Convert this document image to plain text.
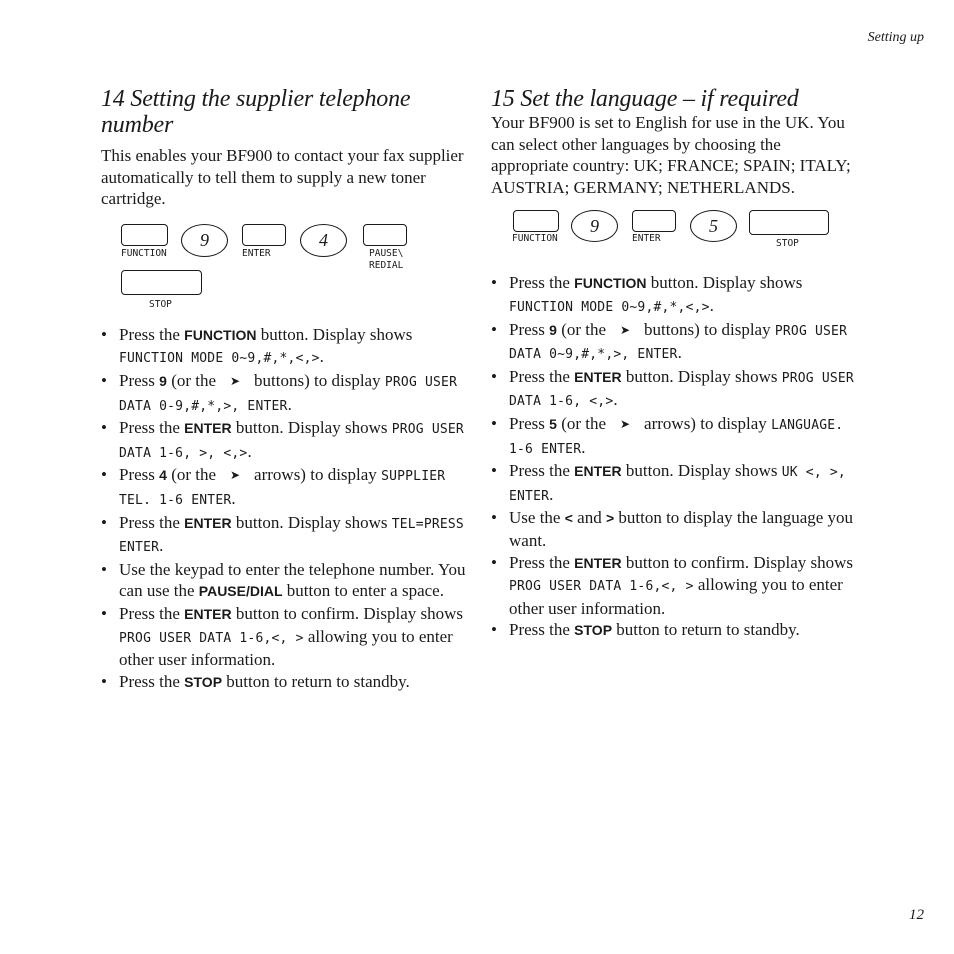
Setting up
14 Setting the supplier telephone number

This enables your BF900 to contact your fax supplier automatically to tell them to supply a new toner cartridge.

FUNCTION
9
ENTER
4
PAUSE\
REDIAL
STOP
• Press the FUNCTION button. Display shows FUNCTION MODE 0~9,#,*,<,>.
• Press 9 (or the ➤ buttons) to display PROG USER DATA 0-9,#,*,>, ENTER.
• Press the ENTER button. Display shows PROG USER DATA 1-6, >, <,>.
• Press 4 (or the ➤ arrows) to display SUPPLIER TEL. 1-6 ENTER.
• Press the ENTER button. Display shows TEL=PRESS ENTER.
• Use the keypad to enter the telephone number. You can use the PAUSE/DIAL button to enter a space.
• Press the ENTER button to confirm. Display shows PROG USER DATA 1-6,<, > allowing you to enter other user information.
• Press the STOP button to return to standby.
15 Set the language – if required

Your BF900 is set to English for use in the UK. You can select other languages by choosing the appropriate country: UK; FRANCE; SPAIN; ITALY; AUSTRIA; GERMANY; NETHERLANDS.

FUNCTION
9
ENTER
5
STOP
• Press the FUNCTION button. Display shows FUNCTION MODE 0~9,#,*,<,>.
• Press 9 (or the ➤ buttons) to display PROG USER DATA 0~9,#,*,>, ENTER.
• Press the ENTER button. Display shows PROG USER DATA 1-6, <,>.
• Press 5 (or the ➤ arrows) to display LANGUAGE. 1-6 ENTER.
• Press the ENTER button. Display shows UK <, >, ENTER.
• Use the < and > button to display the language you want.
• Press the ENTER button to confirm. Display shows PROG USER DATA 1-6,<, > allowing you to enter other user information.
• Press the STOP button to return to standby.
12
